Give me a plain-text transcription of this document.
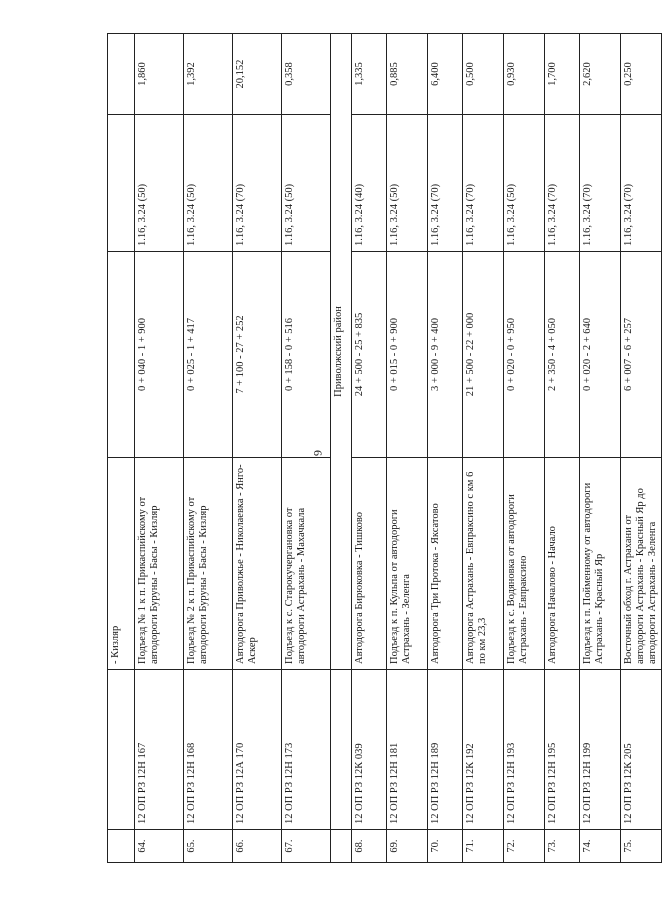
6
		- Кизляр			
64.	12 ОП РЗ 12Н 167	Подъезд № 1 к п. Прикаспийскому от автодороги Буруны - Басы - Кизляр	0 + 040 - 1 + 900	1.16, 3.24 (50)	1,860
65.	12 ОП РЗ 12Н 168	Подъезд № 2 к п. Прикаспийскому от автодороги Буруны - Басы - Кизляр	0 + 025 - 1 + 417	1.16, 3.24 (50)	1,392
66.	12 ОП РЗ 12А 170	Автодорога Приволжье - Николаевка - Янго-Аскер	7 + 100 - 27 + 252	1.16, 3.24 (70)	20,152
67.	12 ОП РЗ 12Н 173	Подъезд к с. Старокучергановка от автодороги Астрахань - Махачкала	0 + 158 - 0 + 516	1.16, 3.24 (50)	0,358
		Приволжский район			
68.	12 ОП РЗ 12К 039	Автодорога Бирюковка - Тишково	24 + 500 - 25 + 835	1.16, 3.24 (40)	1,335
69.	12 ОП РЗ 12Н 181	Подъезд к п. Кульпа от автодороги Астрахань - Зеленга	0 + 015 - 0 + 900	1.16, 3.24 (50)	0,885
70.	12 ОП РЗ 12Н 189	Автодорога Три Протока - Яксатово	3 + 000 - 9 + 400	1.16, 3.24 (70)	6,400
71.	12 ОП РЗ 12К 192	Автодорога Астрахань - Евпраксино с км 6 по км 23,3	21 + 500 - 22 + 000	1.16, 3.24 (70)	0,500
72.	12 ОП РЗ 12Н 193	Подъезд к с. Водяновка от автодороги Астрахань - Евпраксино	0 + 020 - 0 + 950	1.16, 3.24 (50)	0,930
73.	12 ОП РЗ 12Н 195	Автодорога Началово - Начало	2 + 350 - 4 + 050	1.16, 3.24 (70)	1,700
74.	12 ОП РЗ 12Н 199	Подъезд к п. Пойменному от автодороги Астрахань - Красный Яр	0 + 020 - 2 + 640	1.16, 3.24 (70)	2,620
75.	12 ОП РЗ 12К 205	Восточный обход г. Астрахани от автодороги Астрахань - Красный Яр до автодороги Астрахань - Зеленга	6 + 007 - 6 + 257	1.16, 3.24 (70)	0,250
